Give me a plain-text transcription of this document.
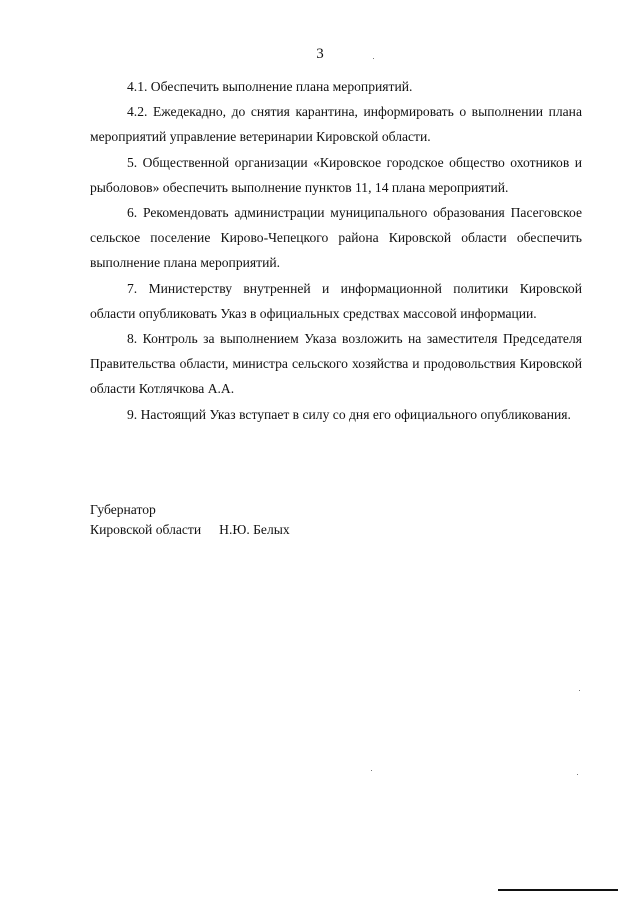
3

4.1. Обеспечить выполнение плана мероприятий.

4.2. Ежедекадно, до снятия карантина, информировать о выполнении плана мероприятий управление ветеринарии Кировской области.

5. Общественной организации «Кировское городское общество охотников и рыболовов» обеспечить выполнение пунктов 11, 14 плана мероприятий.

6. Рекомендовать администрации муниципального образования Пасеговское сельское поселение Кирово-Чепецкого района Кировской области обеспечить выполнение плана мероприятий.

7. Министерству внутренней и информационной политики Кировской области опубликовать Указ в официальных средствах массовой информации.

8. Контроль за выполнением Указа возложить на заместителя Председателя Правительства области, министра сельского хозяйства и продовольствия Кировской области Котлячкова А.А.

9. Настоящий Указ вступает в силу со дня его официального опубликования.

Губернатор
Кировской области Н.Ю. Белых
